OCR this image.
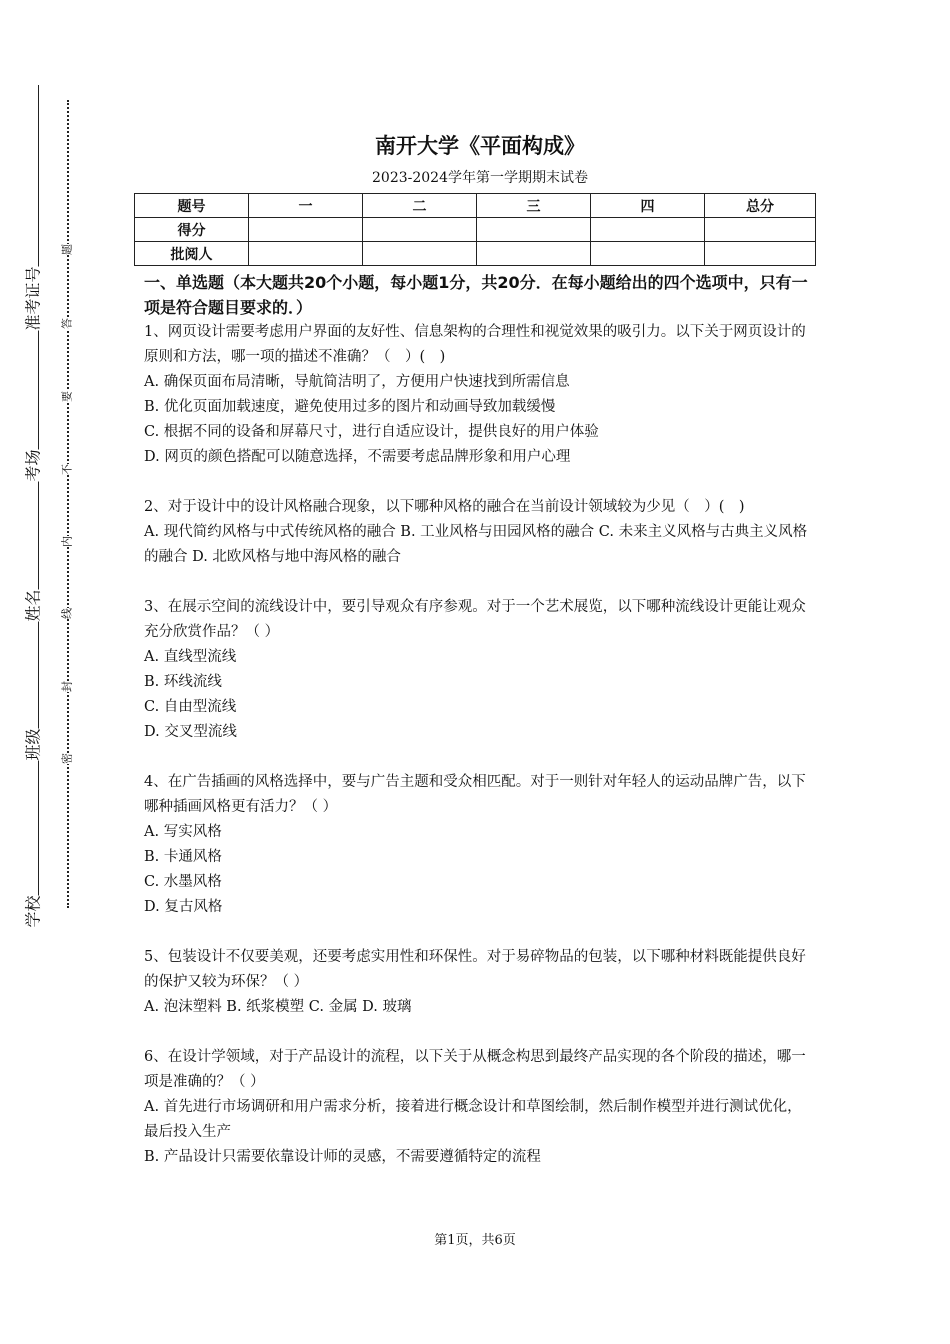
准考证号
考场
姓名
班级
学校
题
答
要
不
内
线
封
密
南开大学《平面构成》
2023-2024学年第一学期期末试卷
题号	一	二	三	四	总分
得分					
批阅人					
一、单选题（本大题共20个小题，每小题1分，共20分．在每小题给出的四个选项中，只有一项是符合题目要求的．）
1、网页设计需要考虑用户界面的友好性、信息架构的合理性和视觉效果的吸引力。以下关于网页设计的原则和方法，哪一项的描述不准确？（　）(　)
A. 确保页面布局清晰，导航简洁明了，方便用户快速找到所需信息
B. 优化页面加载速度，避免使用过多的图片和动画导致加载缓慢
C. 根据不同的设备和屏幕尺寸，进行自适应设计，提供良好的用户体验
D. 网页的颜色搭配可以随意选择，不需要考虑品牌形象和用户心理
2、对于设计中的设计风格融合现象，以下哪种风格的融合在当前设计领域较为少见（　）(　)
A. 现代简约风格与中式传统风格的融合 B. 工业风格与田园风格的融合 C. 未来主义风格与古典主义风格的融合 D. 北欧风格与地中海风格的融合
3、在展示空间的流线设计中，要引导观众有序参观。对于一个艺术展览，以下哪种流线设计更能让观众充分欣赏作品？（ ）
A. 直线型流线
B. 环线流线
C. 自由型流线
D. 交叉型流线
4、在广告插画的风格选择中，要与广告主题和受众相匹配。对于一则针对年轻人的运动品牌广告，以下哪种插画风格更有活力？（ ）
A. 写实风格
B. 卡通风格
C. 水墨风格
D. 复古风格
5、包装设计不仅要美观，还要考虑实用性和环保性。对于易碎物品的包装，以下哪种材料既能提供良好的保护又较为环保？（ ）
A. 泡沫塑料 B. 纸浆模塑 C. 金属 D. 玻璃
6、在设计学领域，对于产品设计的流程，以下关于从概念构思到最终产品实现的各个阶段的描述，哪一项是准确的？（ ）
A. 首先进行市场调研和用户需求分析，接着进行概念设计和草图绘制，然后制作模型并进行测试优化，最后投入生产
B. 产品设计只需要依靠设计师的灵感，不需要遵循特定的流程
第1页，共6页
